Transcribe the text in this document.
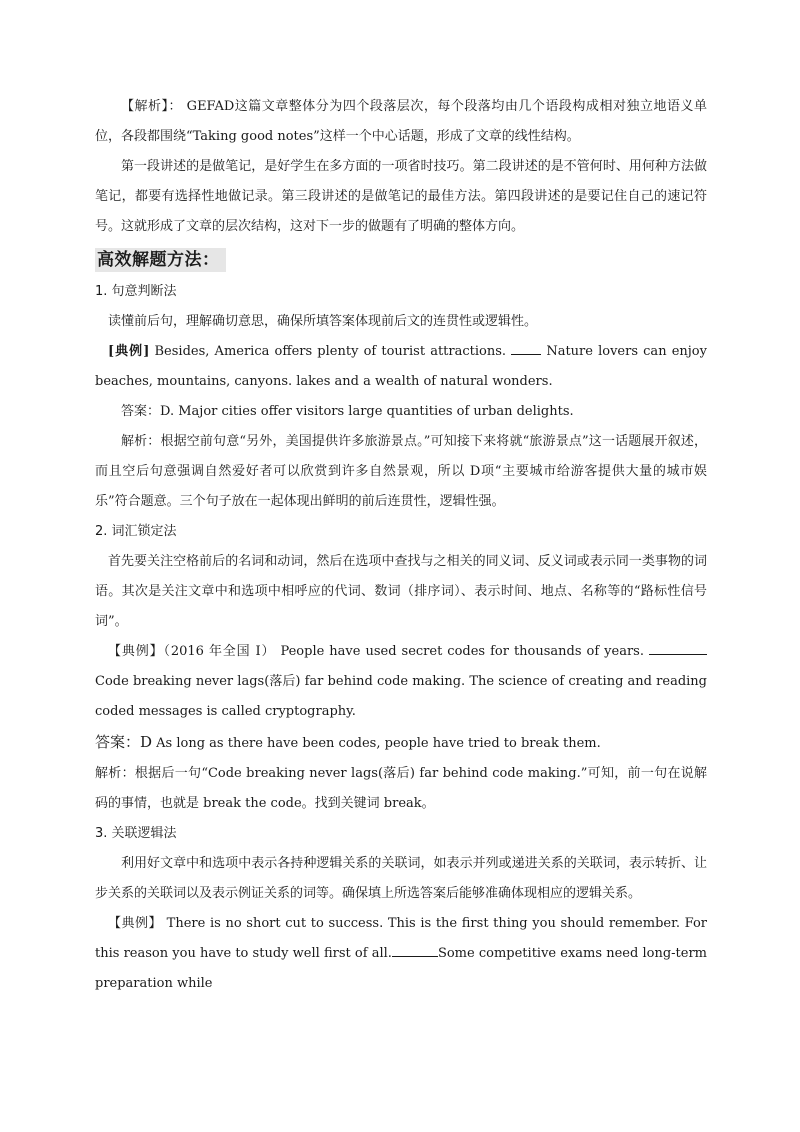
【解析】： GEFAD这篇文章整体分为四个段落层次，每个段落均由几个语段构成相对独立地语义单位，各段都围绕“Taking good notes”这样一个中心话题，形成了文章的线性结构。

第一段讲述的是做笔记，是好学生在多方面的一项省时技巧。第二段讲述的是不管何时、用何种方法做笔记，都要有选择性地做记录。第三段讲述的是做笔记的最佳方法。第四段讲述的是要记住自己的速记符号。这就形成了文章的层次结构，这对下一步的做题有了明确的整体方向。

高效解题方法：

1. 句意判断法

读懂前后句，理解确切意思，确保所填答案体现前后文的连贯性或逻辑性。

[典例] Besides, America offers plenty of tourist attractions.  Nature lovers can enjoy beaches, mountains, canyons. lakes and a wealth of natural wonders.

答案：D. Major cities offer visitors large quantities of urban delights.

解析：根据空前句意“另外，美国提供许多旅游景点。”可知接下来将就“旅游景点”这一话题展开叙述，而且空后句意强调自然爱好者可以欣赏到许多自然景观，所以 D项“主要城市给游客提供大量的城市娱乐”符合题意。三个句子放在一起体现出鲜明的前后连贯性，逻辑性强。

2. 词汇锁定法

首先要关注空格前后的名词和动词，然后在选项中查找与之相关的同义词、反义词或表示同一类事物的词语。其次是关注文章中和选项中相呼应的代词、数词（排序词）、表示时间、地点、名称等的“路标性信号词”。

【典例】（2016 年全国 I） People have used secret codes for thousands of years.  Code breaking never lags(落后) far behind code making. The science of creating and reading coded messages is called cryptography.

答案：D As long as there have been codes, people have tried to break them.

解析：根据后一句“Code breaking never lags(落后) far behind code making.”可知，前一句在说解码的事情，也就是 break the code。找到关键词 break。

3. 关联逻辑法

利用好文章中和选项中表示各持种逻辑关系的关联词，如表示并列或递进关系的关联词，表示转折、让步关系的关联词以及表示例证关系的词等。确保填上所选答案后能够准确体现相应的逻辑关系。

【典例】 There is no short cut to success. This is the first thing you should remember. For this reason you have to study well first of all.	Some competitive exams need long-term preparation while
